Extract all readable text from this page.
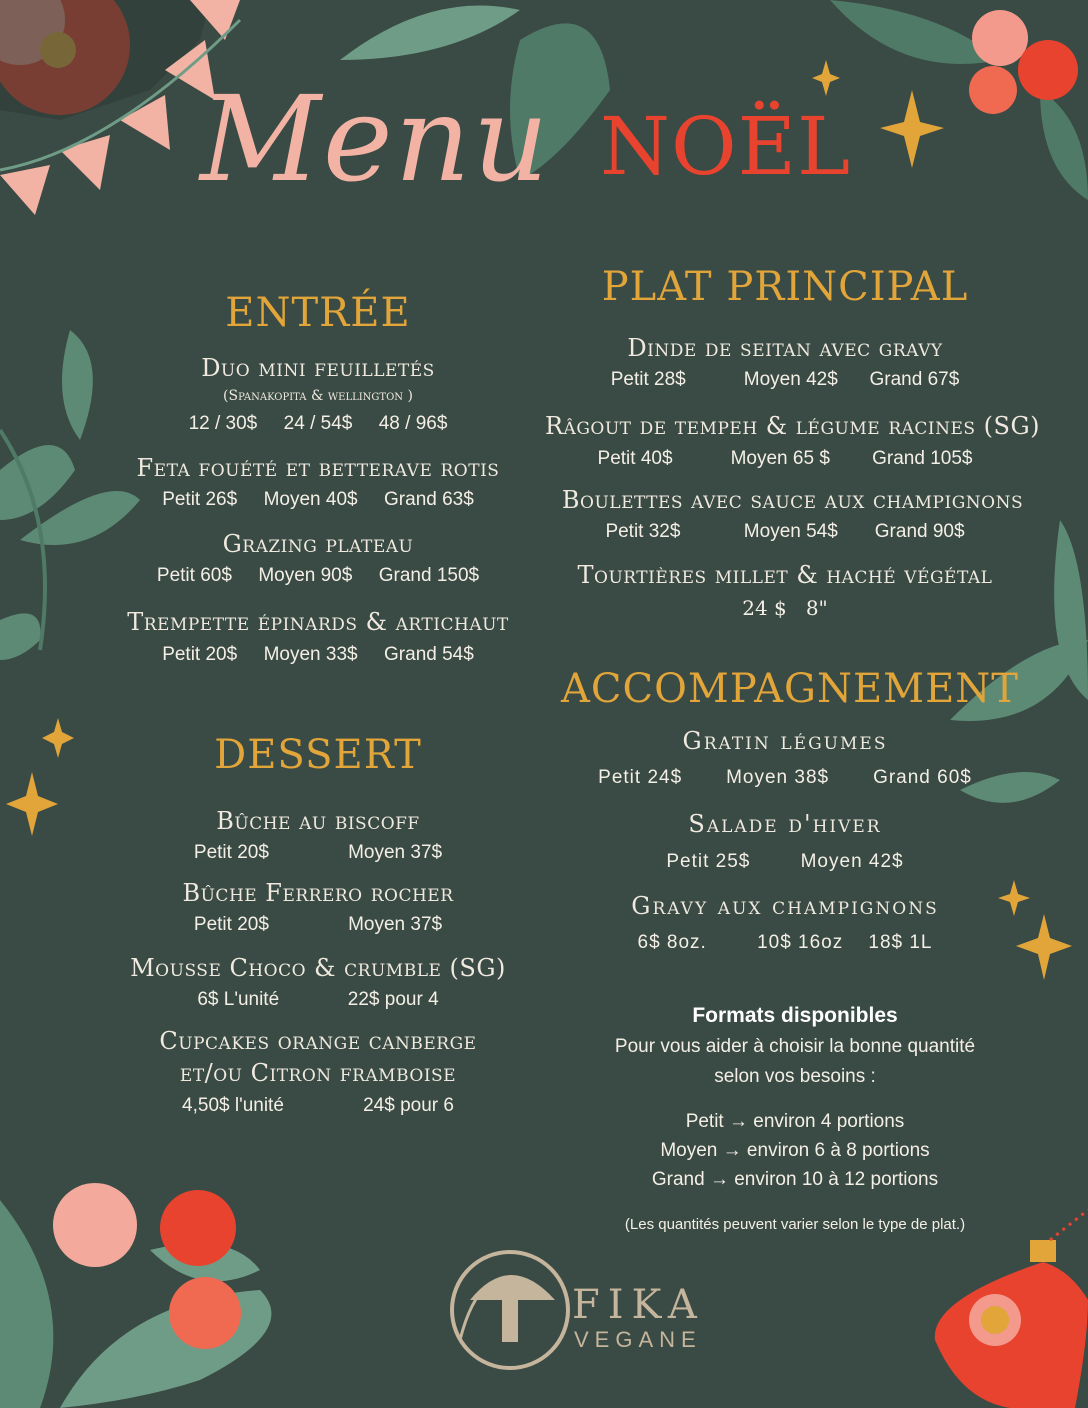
Menu NOËL
ENTRÉE
Duo mini feuilletés
(Spanakopita & wellington )
12 / 30$ 24 / 54$ 48 / 96$
Feta fouété et betterave rotis
Petit 26$ Moyen 40$ Grand 63$
Grazing plateau
Petit 60$ Moyen 90$ Grand 150$
Trempette épinards & artichaut
Petit 20$ Moyen 33$ Grand 54$
DESSERT
Bûche au biscoff
Petit 20$	Moyen 37$
Bûche Ferrero rocher
Petit 20$	Moyen 37$
Mousse Choco & crumble (SG)
6$ L'unité	22$ pour 4
Cupcakes orange canberge
et/ou Citron framboise
4,50$ l'unité	24$ pour 6
PLAT PRINCIPAL
Dinde de seitan avec gravy
Petit 28$	Moyen 42$ Grand 67$
Râgout de tempeh & légume racines (SG)
Petit 40$	Moyen 65 $ Grand 105$
Boulettes avec sauce aux champignons
Petit 32$	Moyen 54$ Grand 90$
Tourtières millet & haché végétal
24 $ 8"
ACCOMPAGNEMENT
Gratin légumes
Petit 24$ Moyen 38$ Grand 60$
Salade d'hiver
Petit 25$	Moyen 42$
Gravy aux champignons
6$ 8oz.	10$ 16oz 18$ 1L
Formats disponibles
Pour vous aider à choisir la bonne quantité
selon vos besoins :
Petit → environ 4 portions
Moyen → environ 6 à 8 portions
Grand → environ 10 à 12 portions
(Les quantités peuvent varier selon le type de plat.)
FIKA
VEGANE
